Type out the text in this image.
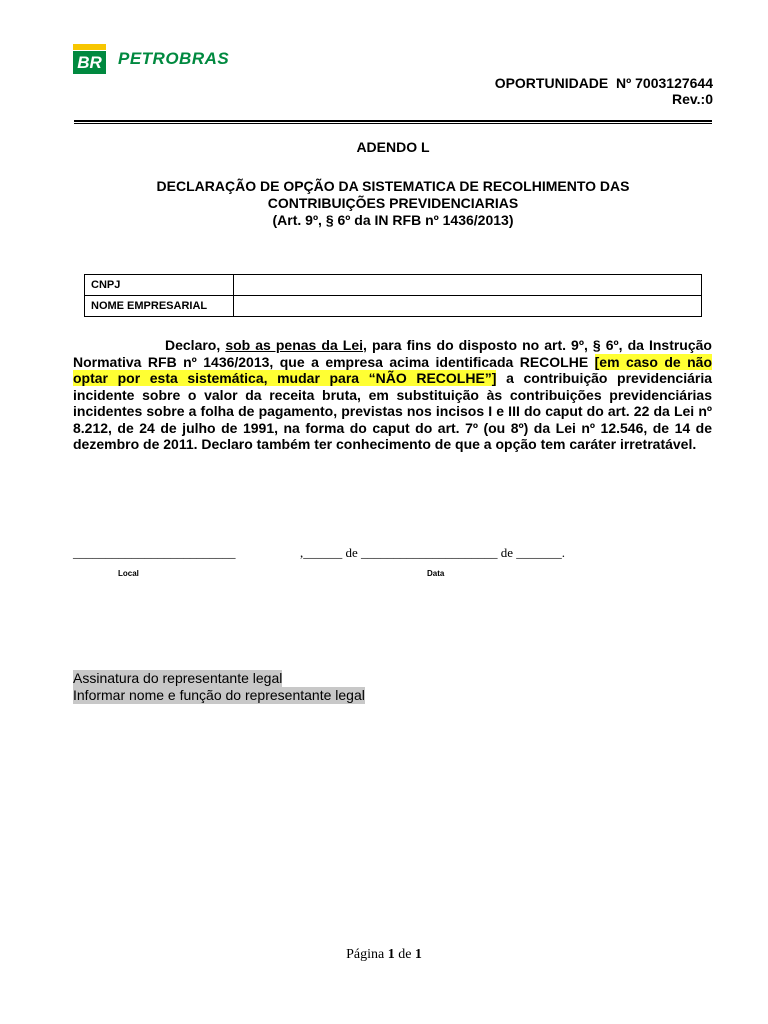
BR PETROBRAS
OPORTUNIDADE  Nº 7003127644
Rev.:0
ADENDO L
DECLARAÇÃO DE OPÇÃO DA SISTEMATICA DE RECOLHIMENTO DAS
CONTRIBUIÇÕES PREVIDENCIARIAS
(Art. 9º, § 6º da IN RFB nº 1436/2013)
CNPJ	
NOME EMPRESARIAL	
Declaro, sob as penas da Lei, para fins do disposto no art. 9º, § 6º, da Instrução Normativa RFB nº 1436/2013, que a empresa acima identificada RECOLHE [em caso de não optar por esta sistemática, mudar para “NÃO RECOLHE”] a contribuição previdenciária incidente sobre o valor da receita bruta, em substituição às contribuições previdenciárias incidentes sobre a folha de pagamento, previstas nos incisos I e III do caput do art. 22 da Lei nº 8.212, de 24 de julho de 1991, na forma do caput do art. 7º (ou 8º) da Lei nº 12.546, de 14 de dezembro de 2011. Declaro também ter conhecimento de que a opção tem caráter irretratável.
_________________________	,______ de _____________________ de _______.
Local	Data
Assinatura do representante legal
Informar nome e função do representante legal
Página 1 de 1
